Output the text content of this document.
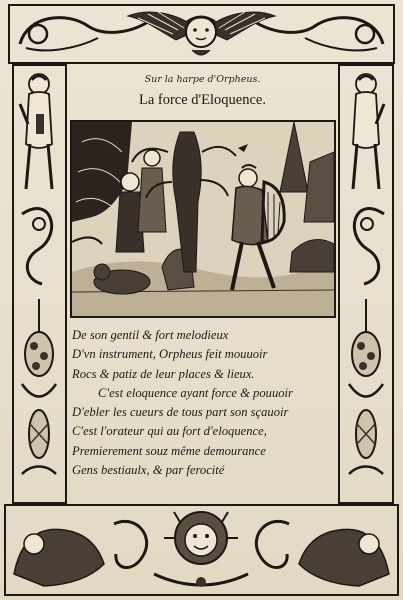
Sur la harpe d'Orpheus.
La force d'Eloquence.
De son gentil & fort melodieux
D'vn instrument, Orpheus feit mouuoir
Rocs & patiz de leur places & lieux.
C'est eloquence ayant force & pouuoir
D'ebler les cueurs de tous part son sçauoir
C'est l'orateur qui au fort d'eloquence,
Premierement souz même demourance
Gens bestiaulx, & par ferocité
